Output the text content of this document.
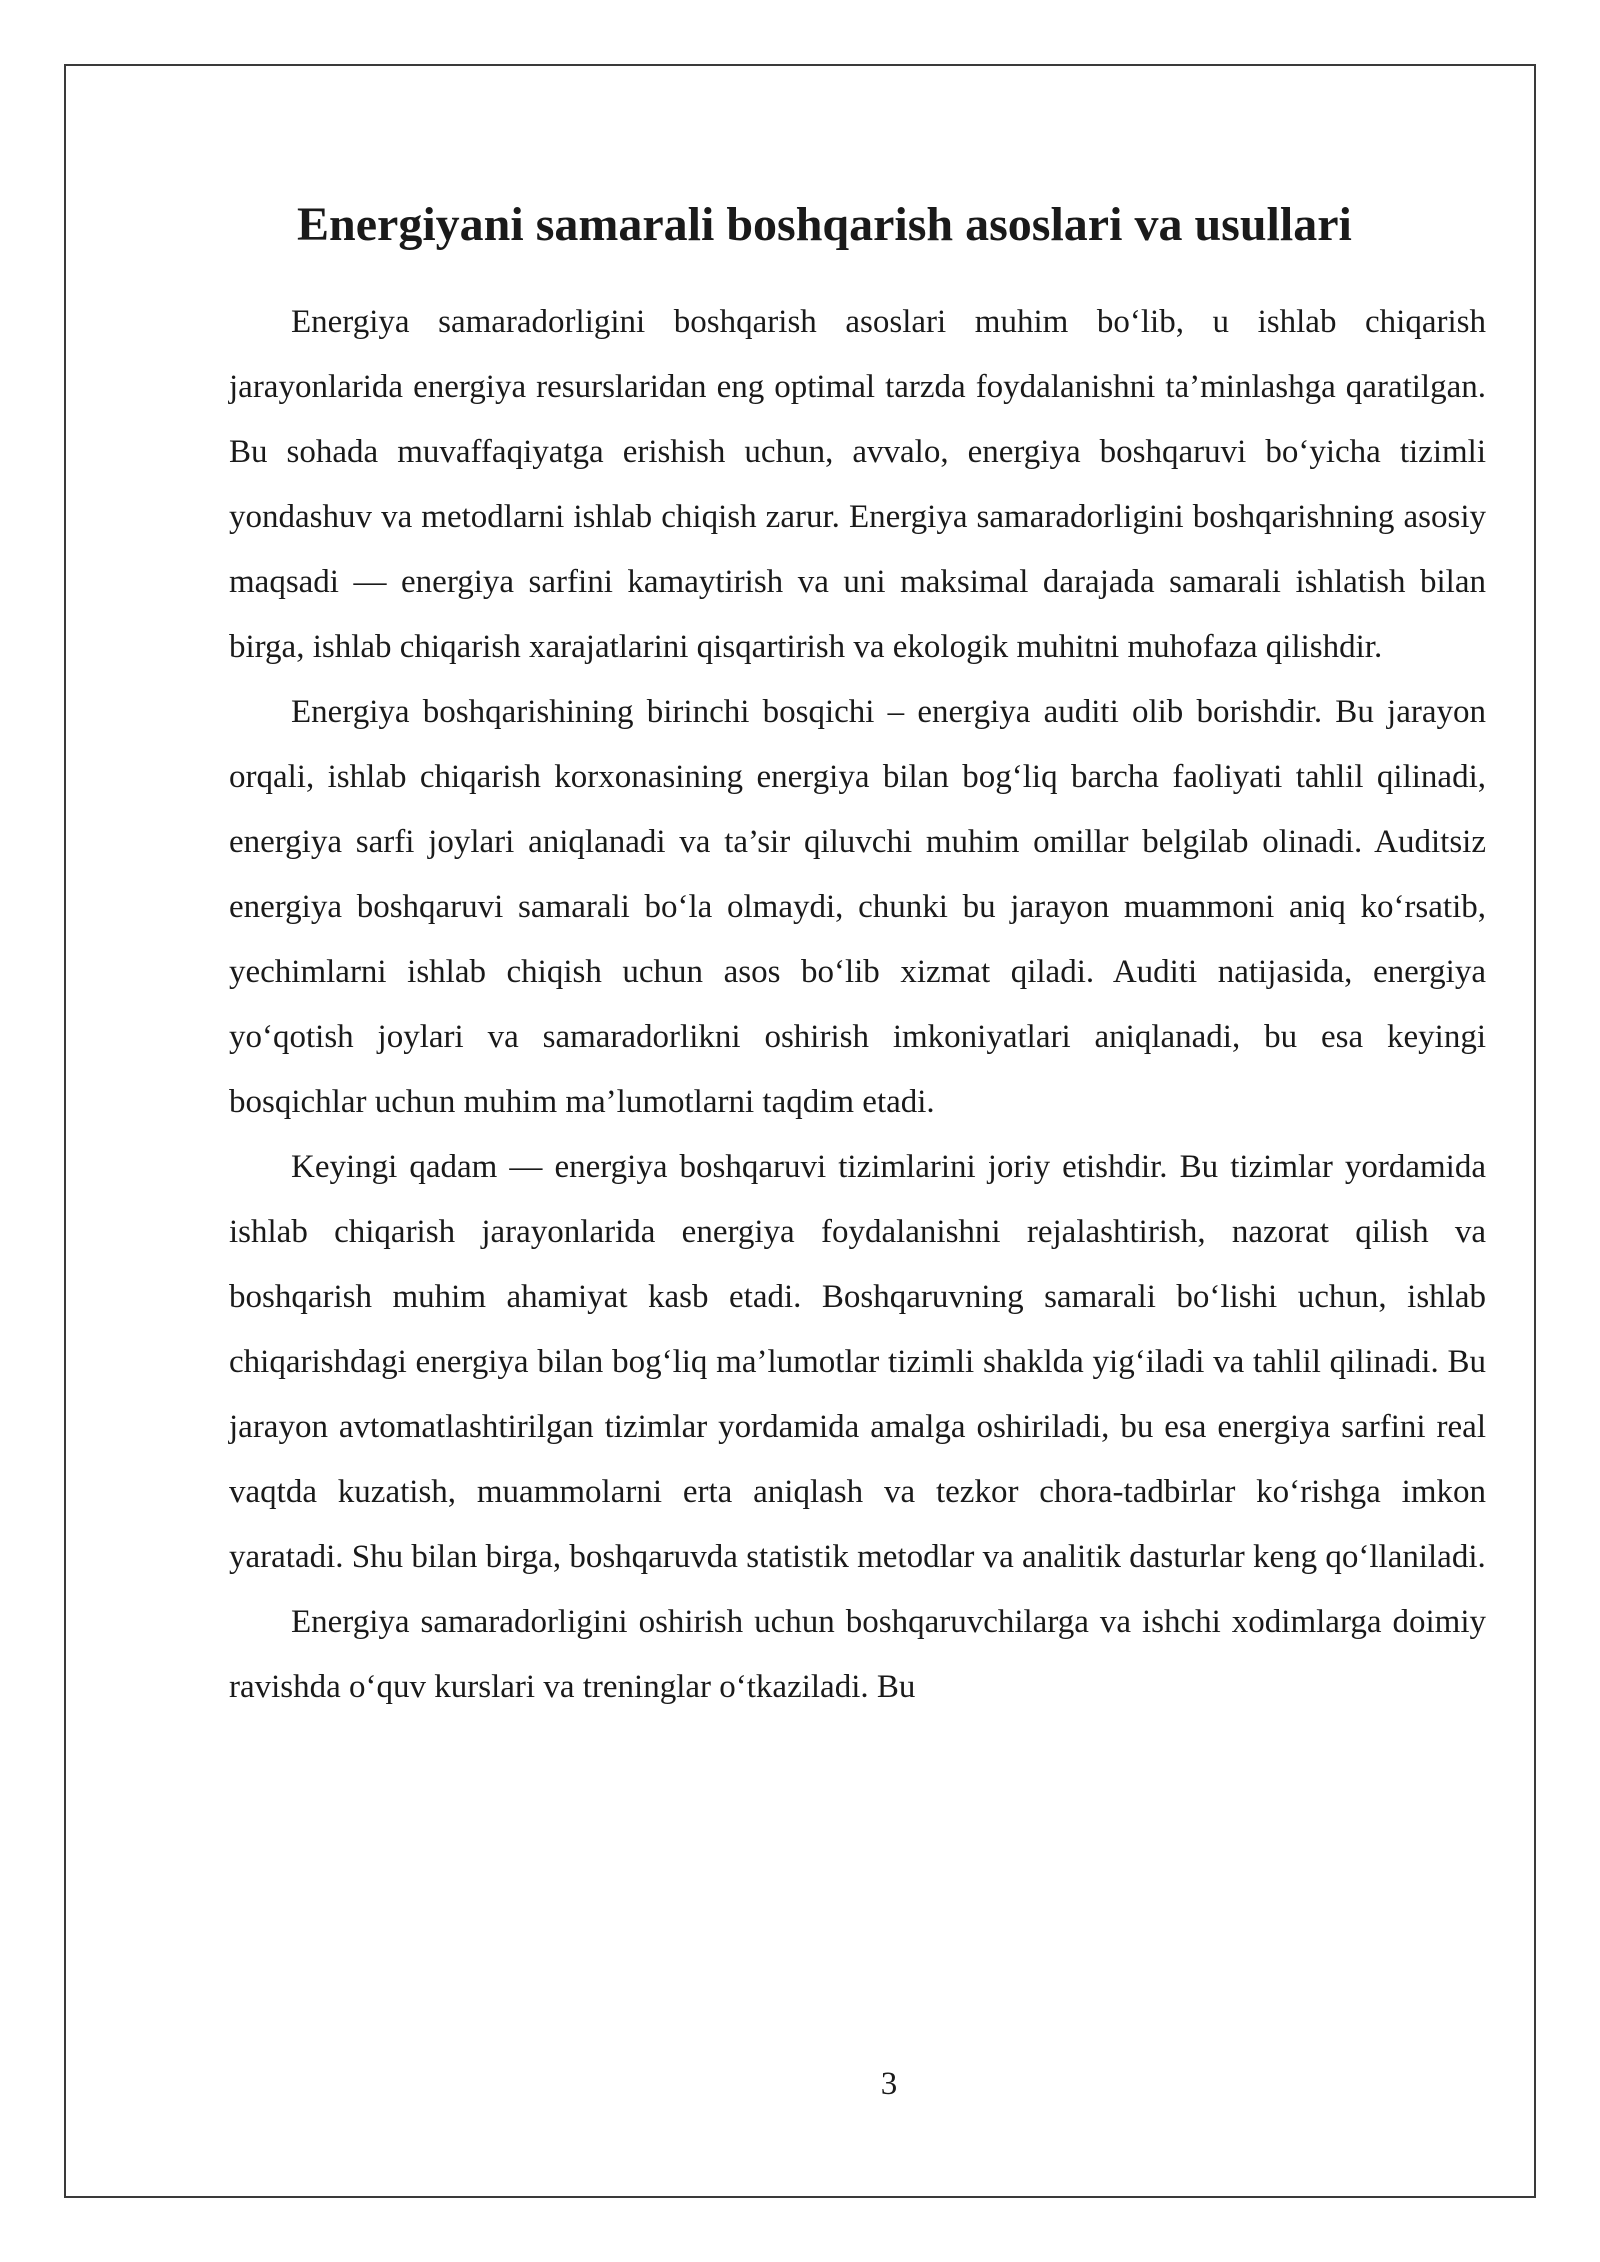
Energiyani samarali boshqarish asoslari va usullari

Energiya samaradorligini boshqarish asoslari muhim bo‘lib, u ishlab chiqarish jarayonlarida energiya resurslaridan eng optimal tarzda foydalanishni ta’minlashga qaratilgan. Bu sohada muvaffaqiyatga erishish uchun, avvalo, energiya boshqaruvi bo‘yicha tizimli yondashuv va metodlarni ishlab chiqish zarur. Energiya samaradorligini boshqarishning asosiy maqsadi — energiya sarfini kamaytirish va uni maksimal darajada samarali ishlatish bilan birga, ishlab chiqarish xarajatlarini qisqartirish va ekologik muhitni muhofaza qilishdir.

Energiya boshqarishining birinchi bosqichi – energiya auditi olib borishdir. Bu jarayon orqali, ishlab chiqarish korxonasining energiya bilan bog‘liq barcha faoliyati tahlil qilinadi, energiya sarfi joylari aniqlanadi va ta’sir qiluvchi muhim omillar belgilab olinadi. Auditsiz energiya boshqaruvi samarali bo‘la olmaydi, chunki bu jarayon muammoni aniq ko‘rsatib, yechimlarni ishlab chiqish uchun asos bo‘lib xizmat qiladi. Auditi natijasida, energiya yo‘qotish joylari va samaradorlikni oshirish imkoniyatlari aniqlanadi, bu esa keyingi bosqichlar uchun muhim ma’lumotlarni taqdim etadi.

Keyingi qadam — energiya boshqaruvi tizimlarini joriy etishdir. Bu tizimlar yordamida ishlab chiqarish jarayonlarida energiya foydalanishni rejalashtirish, nazorat qilish va boshqarish muhim ahamiyat kasb etadi. Boshqaruvning samarali bo‘lishi uchun, ishlab chiqarishdagi energiya bilan bog‘liq ma’lumotlar tizimli shaklda yig‘iladi va tahlil qilinadi. Bu jarayon avtomatlashtirilgan tizimlar yordamida amalga oshiriladi, bu esa energiya sarfini real vaqtda kuzatish, muammolarni erta aniqlash va tezkor chora-tadbirlar ko‘rishga imkon yaratadi. Shu bilan birga, boshqaruvda statistik metodlar va analitik dasturlar keng qo‘llaniladi.

Energiya samaradorligini oshirish uchun boshqaruvchilarga va ishchi xodimlarga doimiy ravishda o‘quv kurslari va treninglar o‘tkaziladi. Bu

3
